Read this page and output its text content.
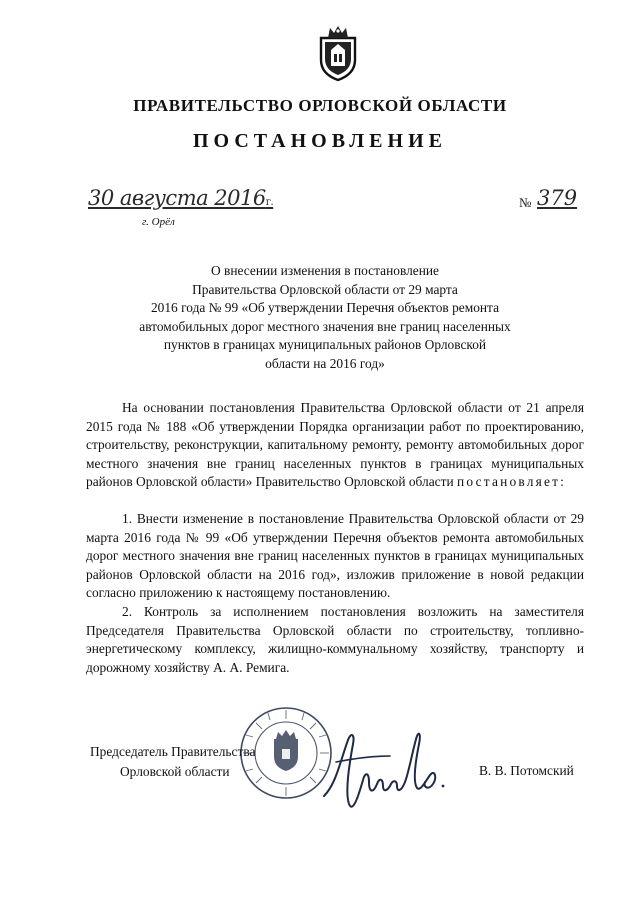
ПРАВИТЕЛЬСТВО ОРЛОВСКОЙ ОБЛАСТИ
ПОСТАНОВЛЕНИЕ
30 августа 2016г.
г. Орёл
№ 379
О внесении изменения в постановление
Правительства Орловской области от 29 марта
2016 года № 99 «Об утверждении Перечня объектов ремонта
автомобильных дорог местного значения вне границ населенных
пунктов в границах муниципальных районов Орловской
области на 2016 год»

На основании постановления Правительства Орловской области от 21 апреля 2015 года № 188 «Об утверждении Порядка организации работ по проектированию, строительству, реконструкции, капитальному ремонту, ремонту автомобильных дорог местного значения вне границ населенных пунктов в границах муниципальных районов Орловской области» Правительство Орловской области постановляет:

1. Внести изменение в постановление Правительства Орловской области от 29 марта 2016 года № 99 «Об утверждении Перечня объектов ремонта автомобильных дорог местного значения вне границ населенных пунктов в границах муниципальных районов Орловской области на 2016 год», изложив приложение в новой редакции согласно приложению к настоящему постановлению.

2. Контроль за исполнением постановления возложить на заместителя Председателя Правительства Орловской области по строительству, топливно-энергетическому комплексу, жилищно-коммунальному хозяйству, транспорту и дорожному хозяйству А. А. Ремига.

Председатель Правительства
Орловской области	В. В. Потомский
